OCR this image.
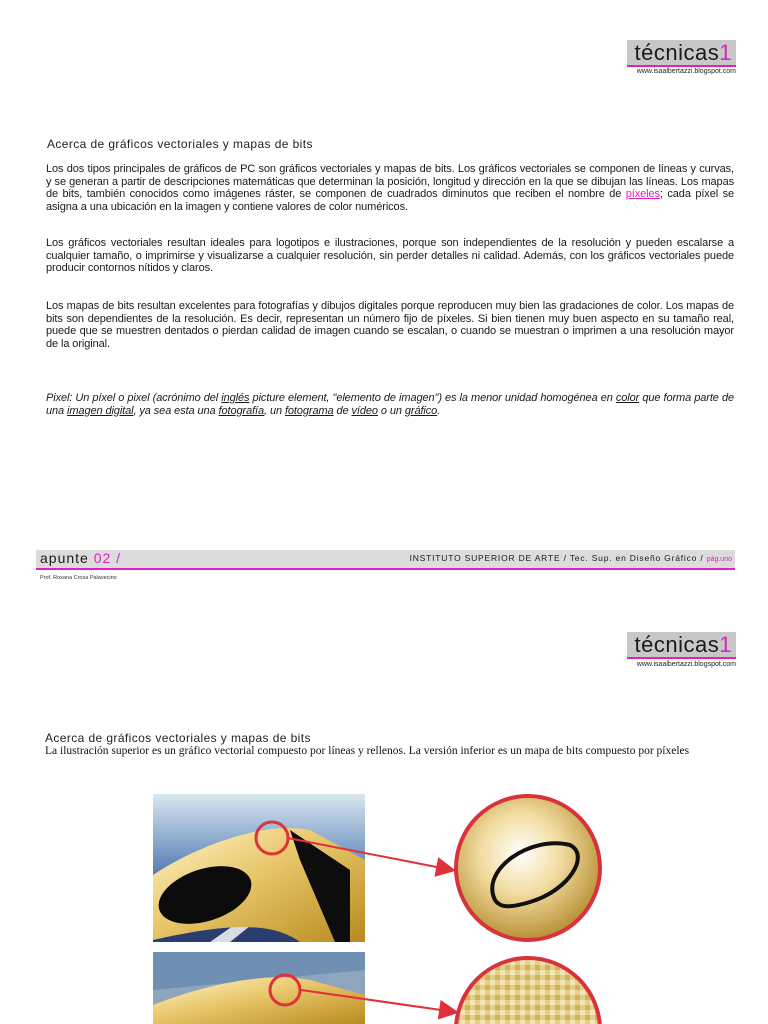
técnicas1
www.isaalbertazzi.blogspot.com
Acerca de gráficos vectoriales y mapas de bits
Los dos tipos principales de gráficos de PC son gráficos vectoriales y mapas de bits. Los gráficos vectoriales se componen de líneas y curvas, y se generan a partir de descripciones matemáticas que determinan la posición, longitud y dirección en la que se dibujan las líneas. Los mapas de bits, también conocidos como imágenes ráster, se componen de cuadrados diminutos que reciben el nombre de píxeles; cada píxel se asigna a una ubicación en la imagen y contiene valores de color numéricos.
Los gráficos vectoriales resultan ideales para logotipos e ilustraciones, porque son independientes de la resolución y pueden escalarse a cualquier tamaño, o imprimirse y visualizarse a cualquier resolución, sin perder detalles ni calidad. Además, con los gráficos vectoriales puede producir contornos nítidos y claros.
Los mapas de bits resultan excelentes para fotografías y dibujos digitales porque reproducen muy bien las gradaciones de color. Los mapas de bits son dependientes de la resolución. Es decir, representan un número fijo de píxeles. Si bien tienen muy buen aspecto en su tamaño real, puede que se muestren dentados o pierdan calidad de imagen cuando se escalan, o cuando se muestran o imprimen a una resolución mayor de la original.
Pixel: Un píxel o pixel (acrónimo del inglés picture element, "elemento de imagen") es la menor unidad homogénea en color que forma parte de una imagen digital, ya sea esta una fotografía, un fotograma de vídeo o un gráfico.
apunte 02 /	INSTITUTO SUPERIOR DE ARTE / Tec. Sup. en Diseño Gráfico / pág.uno
Prof. Roxana Crosa Palavecino
técnicas1
www.isaalbertazzi.blogspot.com
Acerca de gráficos vectoriales y mapas de bits
La ilustración superior es un gráfico vectorial compuesto por líneas y rellenos. La versión inferior es un mapa de bits compuesto por píxeles
